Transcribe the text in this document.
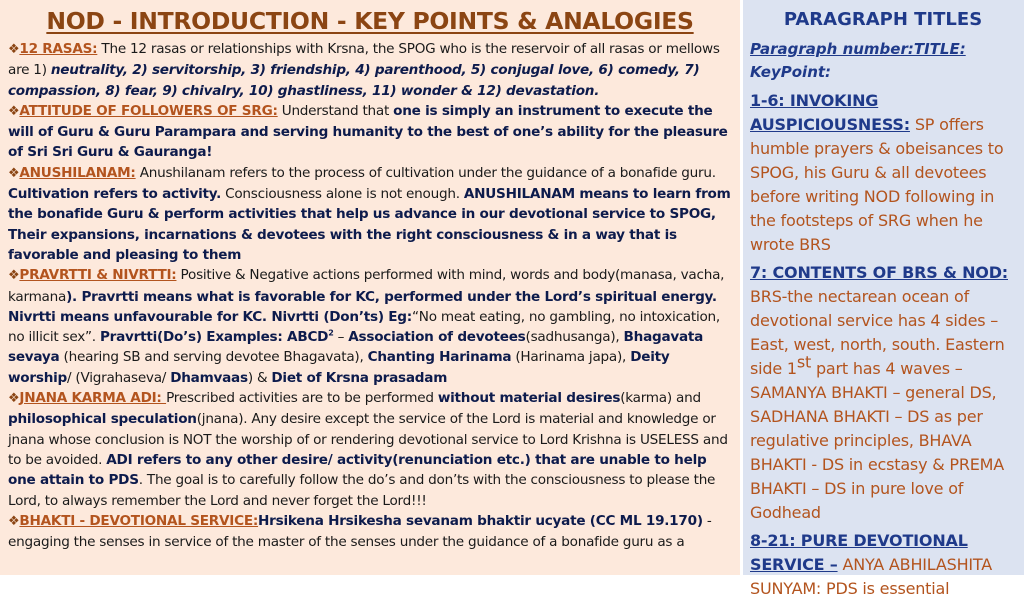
NOD - INTRODUCTION - KEY POINTS & ANALOGIES

❖12 RASAS: The 12 rasas or relationships with Krsna, the SPOG who is the reservoir of all rasas or mellows are 1) neutrality, 2) servitorship, 3) friendship, 4) parenthood, 5) conjugal love, 6) comedy, 7) compassion, 8) fear, 9) chivalry, 10) ghastliness, 11) wonder & 12) devastation.

❖ATTITUDE OF FOLLOWERS OF SRG: Understand that one is simply an instrument to execute the will of Guru & Guru Parampara and serving humanity to the best of one’s ability for the pleasure of Sri Sri Guru & Gauranga!

❖ANUSHILANAM: Anushilanam refers to the process of cultivation under the guidance of a bonafide guru. Cultivation refers to activity. Consciousness alone is not enough. ANUSHILANAM means to learn from the bonafide Guru & perform activities that help us advance in our devotional service to SPOG, Their expansions, incarnations & devotees with the right consciousness & in a way that is favorable and pleasing to them

❖PRAVRTTI & NIVRTTI: Positive & Negative actions performed with mind, words and body(manasa, vacha, karmana). Pravrtti means what is favorable for KC, performed under the Lord’s spiritual energy. Nivrtti means unfavourable for KC. Nivrtti (Don’ts) Eg:“No meat eating, no gambling, no intoxication, no illicit sex”. Pravrtti(Do’s) Examples: ABCD$^2$ – Association of devotees(sadhusanga), Bhagavata sevaya (hearing SB and serving devotee Bhagavata), Chanting Harinama (Harinama japa), Deity worship/ (Vigrahaseva/ Dhamvaas) & Diet of Krsna prasadam

❖JNANA KARMA ADI: Prescribed activities are to be performed without material desires(karma) and philosophical speculation(jnana). Any desire except the service of the Lord is material and knowledge or jnana whose conclusion is NOT the worship of or rendering devotional service to Lord Krishna is USELESS and to be avoided. ADI refers to any other desire/ activity(renunciation etc.) that are unable to help one attain to PDS. The goal is to carefully follow the do’s and don’ts with the consciousness to please the Lord, to always remember the Lord and never forget the Lord!!!

❖BHAKTI - DEVOTIONAL SERVICE:Hrsikena Hrsikesha sevanam bhaktir ucyate (CC ML 19.170) - engaging the senses in service of the master of the senses under the guidance of a bonafide guru as a

PARAGRAPH TITLES
Paragraph number:TITLE:
KeyPoint:
1-6: INVOKING AUSPICIOUSNESS: SP offers humble prayers & obeisances to SPOG, his Guru & all devotees before writing NOD following in the footsteps of SRG when he wrote BRS
7: CONTENTS OF BRS & NOD: BRS-the nectarean ocean of devotional service has 4 sides – East, west, north, south. Eastern side 1st part has 4 waves – SAMANYA BHAKTI – general DS, SADHANA BHAKTI – DS as per regulative principles, BHAVA BHAKTI - DS in ecstasy & PREMA BHAKTI – DS in pure love of Godhead
8-21: PURE DEVOTIONAL SERVICE – ANYA ABHILASHITA SUNYAM: PDS is essential
